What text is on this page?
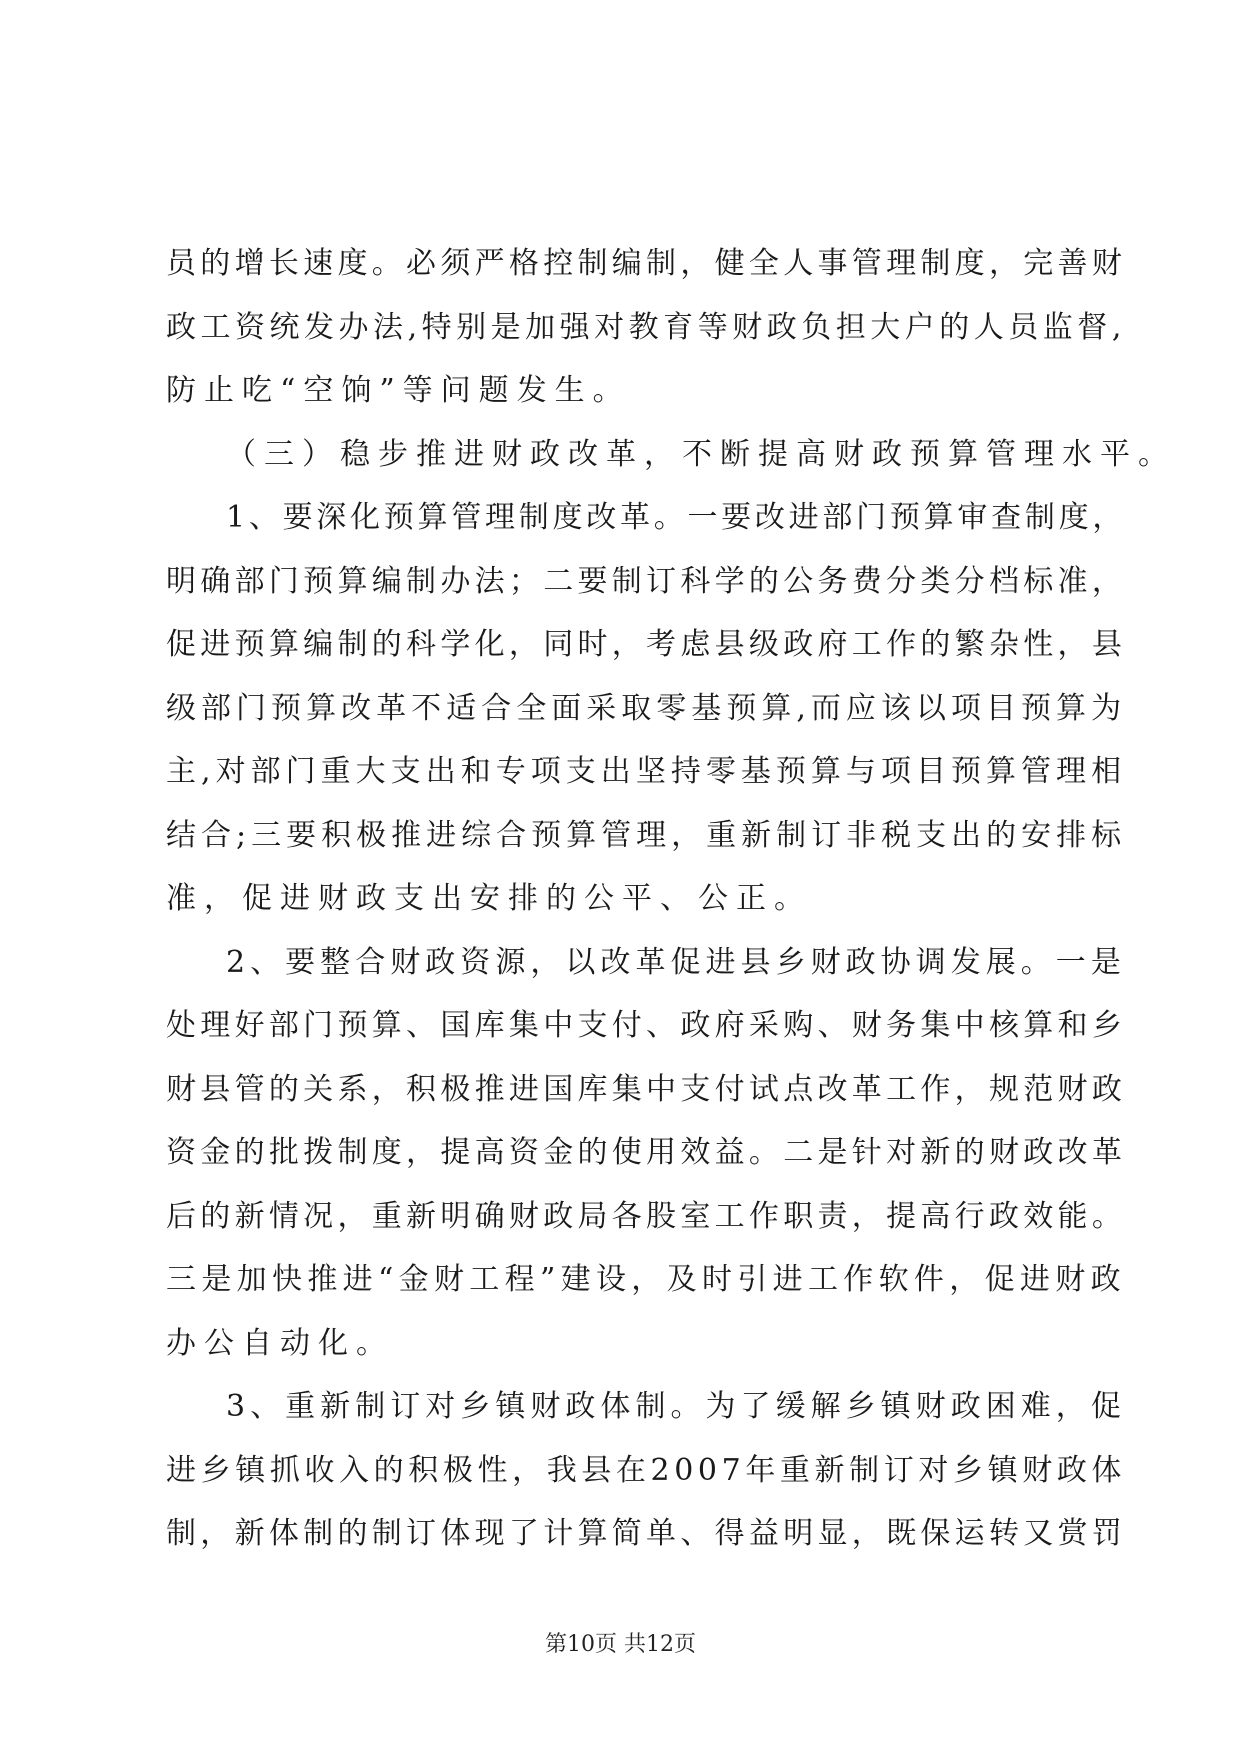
员的增长速度。必须严格控制编制，健全人事管理制度，完善财
政工资统发办法,特别是加强对教育等财政负担大户的人员监督,
防止吃“空饷”等问题发生。
（三）稳步推进财政改革，不断提高财政预算管理水平。
1、要深化预算管理制度改革。一要改进部门预算审查制度，
明确部门预算编制办法；二要制订科学的公务费分类分档标准，
促进预算编制的科学化，同时，考虑县级政府工作的繁杂性，县
级部门预算改革不适合全面采取零基预算,而应该以项目预算为
主,对部门重大支出和专项支出坚持零基预算与项目预算管理相
结合;三要积极推进综合预算管理，重新制订非税支出的安排标
准，促进财政支出安排的公平、公正。
2、要整合财政资源，以改革促进县乡财政协调发展。一是
处理好部门预算、国库集中支付、政府采购、财务集中核算和乡
财县管的关系，积极推进国库集中支付试点改革工作，规范财政
资金的批拨制度，提高资金的使用效益。二是针对新的财政改革
后的新情况，重新明确财政局各股室工作职责，提高行政效能。
三是加快推进“金财工程”建设，及时引进工作软件，促进财政
办公自动化。
3、重新制订对乡镇财政体制。为了缓解乡镇财政困难，促
进乡镇抓收入的积极性，我县在2007年重新制订对乡镇财政体
制，新体制的制订体现了计算简单、得益明显，既保运转又赏罚
第10页 共12页
